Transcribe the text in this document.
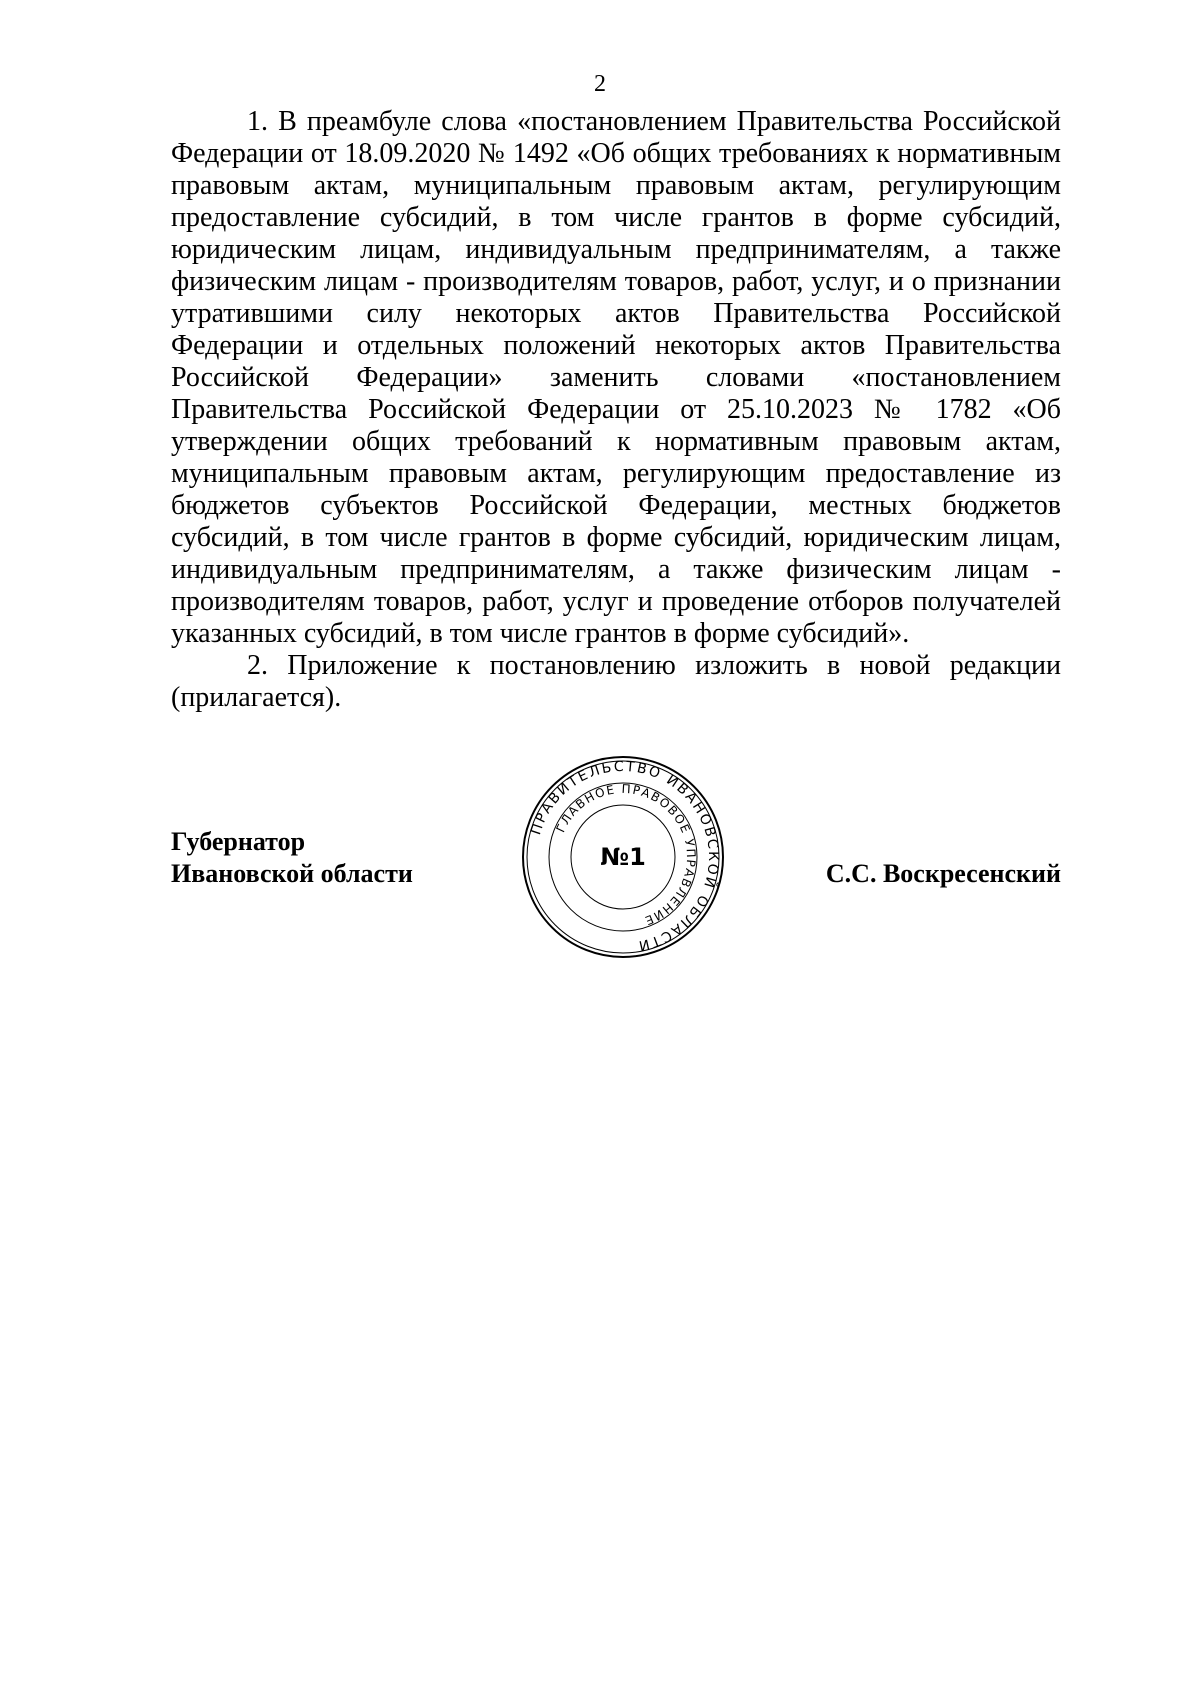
2

1. В преамбуле слова «постановлением Правительства Российской Федерации от 18.09.2020 № 1492 «Об общих требованиях к нормативным правовым актам, муниципальным правовым актам, регулирующим предоставление субсидий, в том числе грантов в форме субсидий, юридическим лицам, индивидуальным предпринимателям, а также физическим лицам - производителям товаров, работ, услуг, и о признании утратившими силу некоторых актов Правительства Российской Федерации и отдельных положений некоторых актов Правительства Российской Федерации» заменить словами «постановлением Правительства Российской Федерации от 25.10.2023 № 1782 «Об утверждении общих требований к нормативным правовым актам, муниципальным правовым актам, регулирующим предоставление из бюджетов субъектов Российской Федерации, местных бюджетов субсидий, в том числе грантов в форме субсидий, юридическим лицам, индивидуальным предпринимателям, а также физическим лицам - производителям товаров, работ, услуг и проведение отборов получателей указанных субсидий, в том числе грантов в форме субсидий».

2. Приложение к постановлению изложить в новой редакции (прилагается).

Губернатор
Ивановской области	С.С. Воскресенский
ПРАВИТЕЛЬСТВО ИВАНОВСКОЙ ОБЛАСТИ
ГЛАВНОЕ ПРАВОВОЕ УПРАВЛЕНИЕ
№1
